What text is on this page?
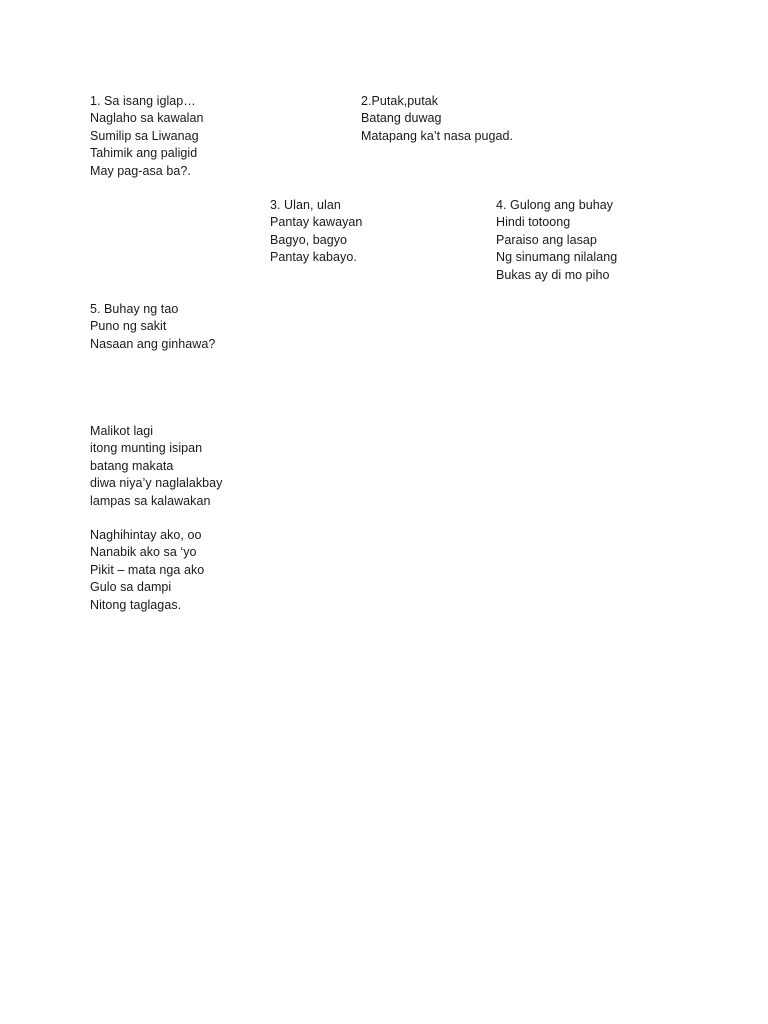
1. Sa isang iglap…
Naglaho sa kawalan
Sumilip sa Liwanag
Tahimik ang paligid
May pag-asa ba?.
2.Putak,putak
Batang duwag
Matapang ka’t nasa pugad.
3. Ulan, ulan
Pantay kawayan
Bagyo, bagyo
Pantay kabayo.
4. Gulong ang buhay
Hindi totoong
Paraiso ang lasap
Ng sinumang nilalang
Bukas ay di mo piho
5. Buhay ng tao
Puno ng sakit
Nasaan ang ginhawa?
Malikot lagi
itong munting isipan
batang makata
diwa niya’y naglalakbay
lampas sa kalawakan
Naghihintay ako, oo
Nanabik ako sa ‘yo
Pikit – mata nga ako
Gulo sa dampi
Nitong taglagas.
